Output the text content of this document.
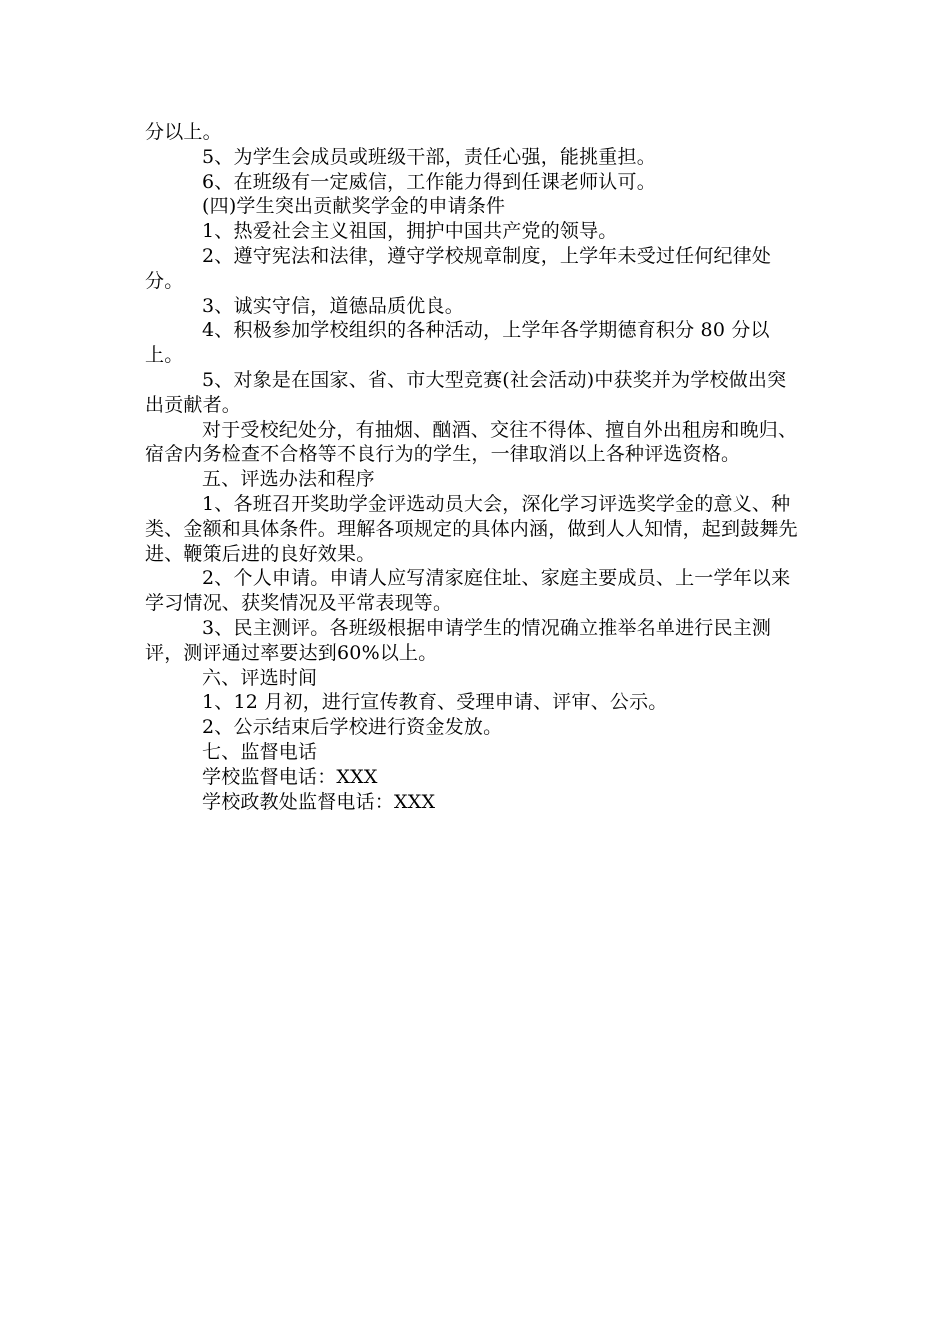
分以上。

5、为学生会成员或班级干部，责任心强，能挑重担。

6、在班级有一定威信，工作能力得到任课老师认可。

(四)学生突出贡献奖学金的申请条件

1、热爱社会主义祖国，拥护中国共产党的领导。

2、遵守宪法和法律，遵守学校规章制度，上学年未受过任何纪律处分。

3、诚实守信，道德品质优良。

4、积极参加学校组织的各种活动，上学年各学期德育积分 80 分以上。

5、对象是在国家、省、市大型竞赛(社会活动)中获奖并为学校做出突出贡献者。

对于受校纪处分，有抽烟、酗酒、交往不得体、擅自外出租房和晚归、宿舍内务检查不合格等不良行为的学生，一律取消以上各种评选资格。

五、评选办法和程序

1、各班召开奖助学金评选动员大会，深化学习评选奖学金的意义、种类、金额和具体条件。理解各项规定的具体内涵，做到人人知情，起到鼓舞先进、鞭策后进的良好效果。

2、个人申请。申请人应写清家庭住址、家庭主要成员、上一学年以来学习情况、获奖情况及平常表现等。

3、民主测评。各班级根据申请学生的情况确立推举名单进行民主测评，测评通过率要达到60%以上。

六、评选时间

1、12 月初，进行宣传教育、受理申请、评审、公示。

2、公示结束后学校进行资金发放。

七、监督电话

学校监督电话：XXX

学校政教处监督电话：XXX
